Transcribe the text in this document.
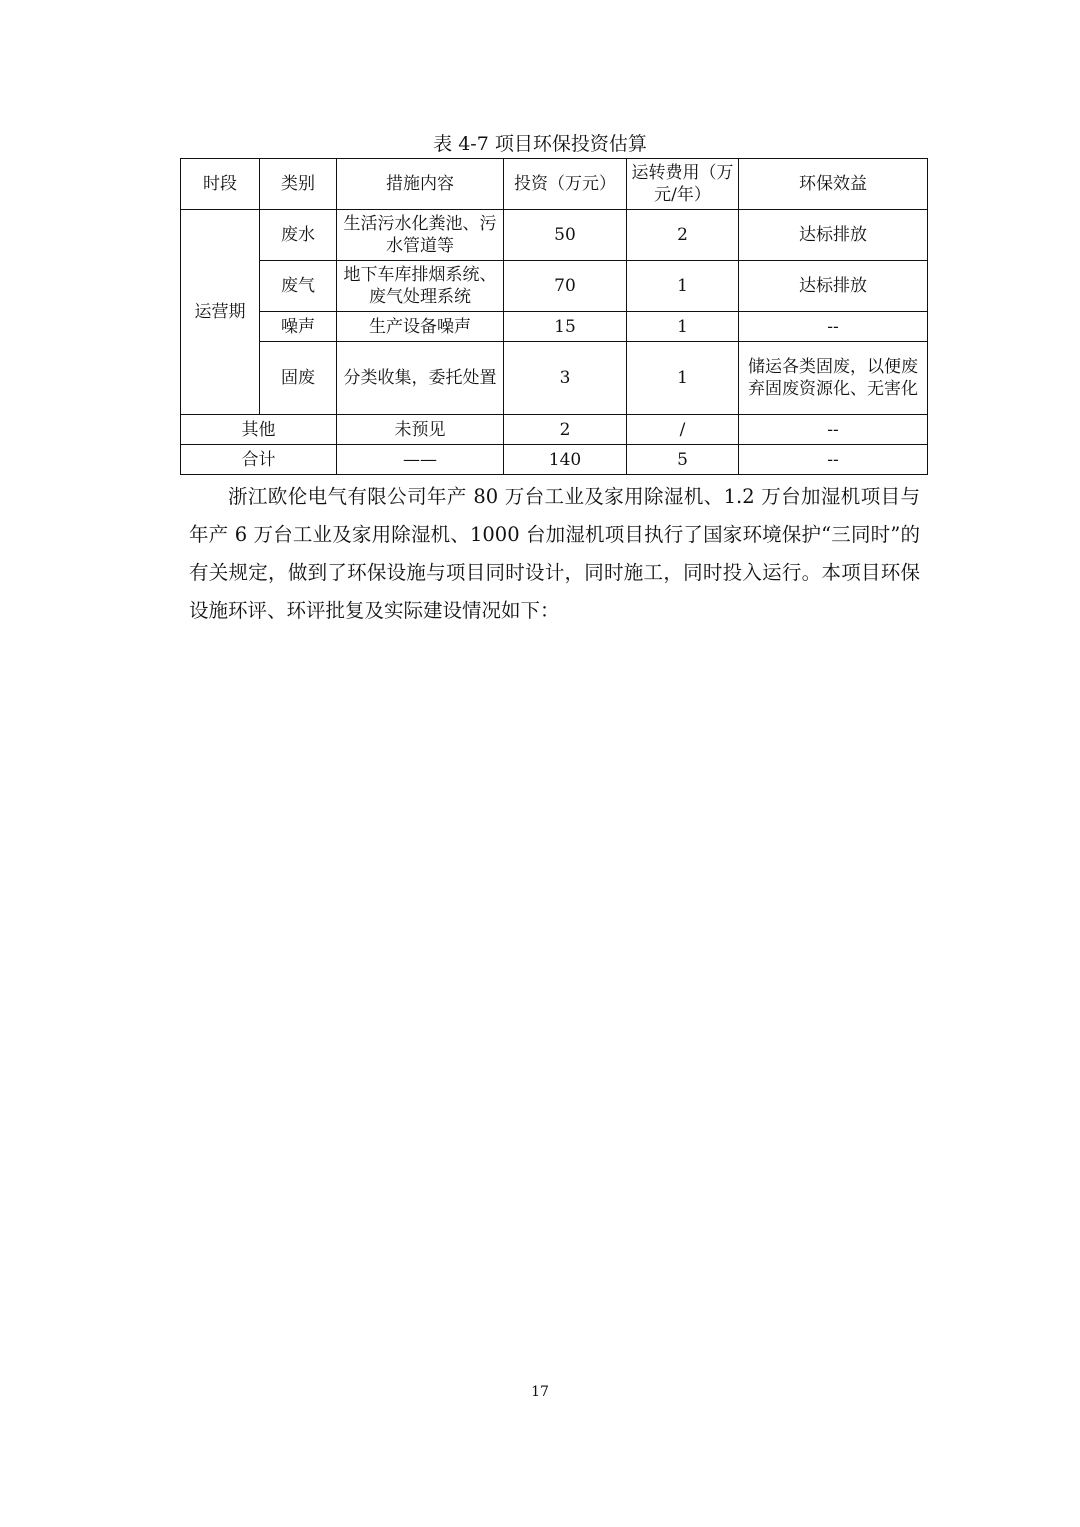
表 4-7 项目环保投资估算
时段	类别	措施内容	投资（万元）	运转费用（万元/年）	环保效益
运营期	废水	生活污水化粪池、污水管道等	50	2	达标排放
	废气	地下车库排烟系统、废气处理系统	70	1	达标排放
	噪声	生产设备噪声	15	1	--
	固废	分类收集，委托处置	3	1	储运各类固废，以便废弃固废资源化、无害化
其他		未预见	2	/	--
合计		——	140	5	--

浙江欧伦电气有限公司年产 80 万台工业及家用除湿机、1.2 万台加湿机项目与年产 6 万台工业及家用除湿机、1000 台加湿机项目执行了国家环境保护“三同时”的有关规定，做到了环保设施与项目同时设计，同时施工，同时投入运行。本项目环保设施环评、环评批复及实际建设情况如下：

17
